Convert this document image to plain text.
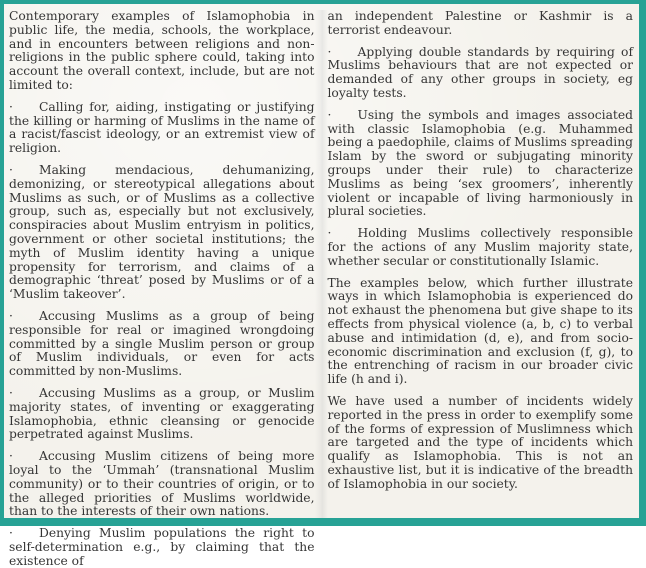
Contemporary examples of Islamophobia in public life, the media, schools, the workplace, and in encounters between religions and non-religions in the public sphere could, taking into account the overall context, include, but are not limited to:

· Calling for, aiding, instigating or justifying the killing or harming of Muslims in the name of a racist/fascist ideology, or an extremist view of religion.

· Making mendacious, dehumanizing, demonizing, or stereotypical allegations about Muslims as such, or of Muslims as a collective group, such as, especially but not exclusively, conspiracies about Muslim entryism in politics, government or other societal institutions; the myth of Muslim identity having a unique propensity for terrorism, and claims of a demographic ‘threat’ posed by Muslims or of a ‘Muslim takeover’.

· Accusing Muslims as a group of being responsible for real or imagined wrongdoing committed by a single Muslim person or group of Muslim individuals, or even for acts committed by non-Muslims.

· Accusing Muslims as a group, or Muslim majority states, of inventing or exaggerating Islamophobia, ethnic cleansing or genocide perpetrated against Muslims.

· Accusing Muslim citizens of being more loyal to the ‘Ummah’ (transnational Muslim community) or to their countries of origin, or to the alleged priorities of Muslims worldwide, than to the interests of their own nations.

· Denying Muslim populations the right to self-determination e.g., by claiming that the existence of

an independent Palestine or Kashmir is a terrorist endeavour.

· Applying double standards by requiring of Muslims behaviours that are not expected or demanded of any other groups in society, eg loyalty tests.

· Using the symbols and images associated with classic Islamophobia (e.g. Muhammed being a paedophile, claims of Muslims spreading Islam by the sword or subjugating minority groups under their rule) to characterize Muslims as being ‘sex groomers’, inherently violent or incapable of living harmoniously in plural societies.

· Holding Muslims collectively responsible for the actions of any Muslim majority state, whether secular or constitutionally Islamic.

The examples below, which further illustrate ways in which Islamophobia is experienced do not exhaust the phenomena but give shape to its effects from physical violence (a, b, c) to verbal abuse and intimidation (d, e), and from socio-economic discrimination and exclusion (f, g), to the entrenching of racism in our broader civic life (h and i).

We have used a number of incidents widely reported in the press in order to exemplify some of the forms of expression of Muslimness which are targeted and the type of incidents which qualify as Islamophobia. This is not an exhaustive list, but it is indicative of the breadth of Islamophobia in our society.
